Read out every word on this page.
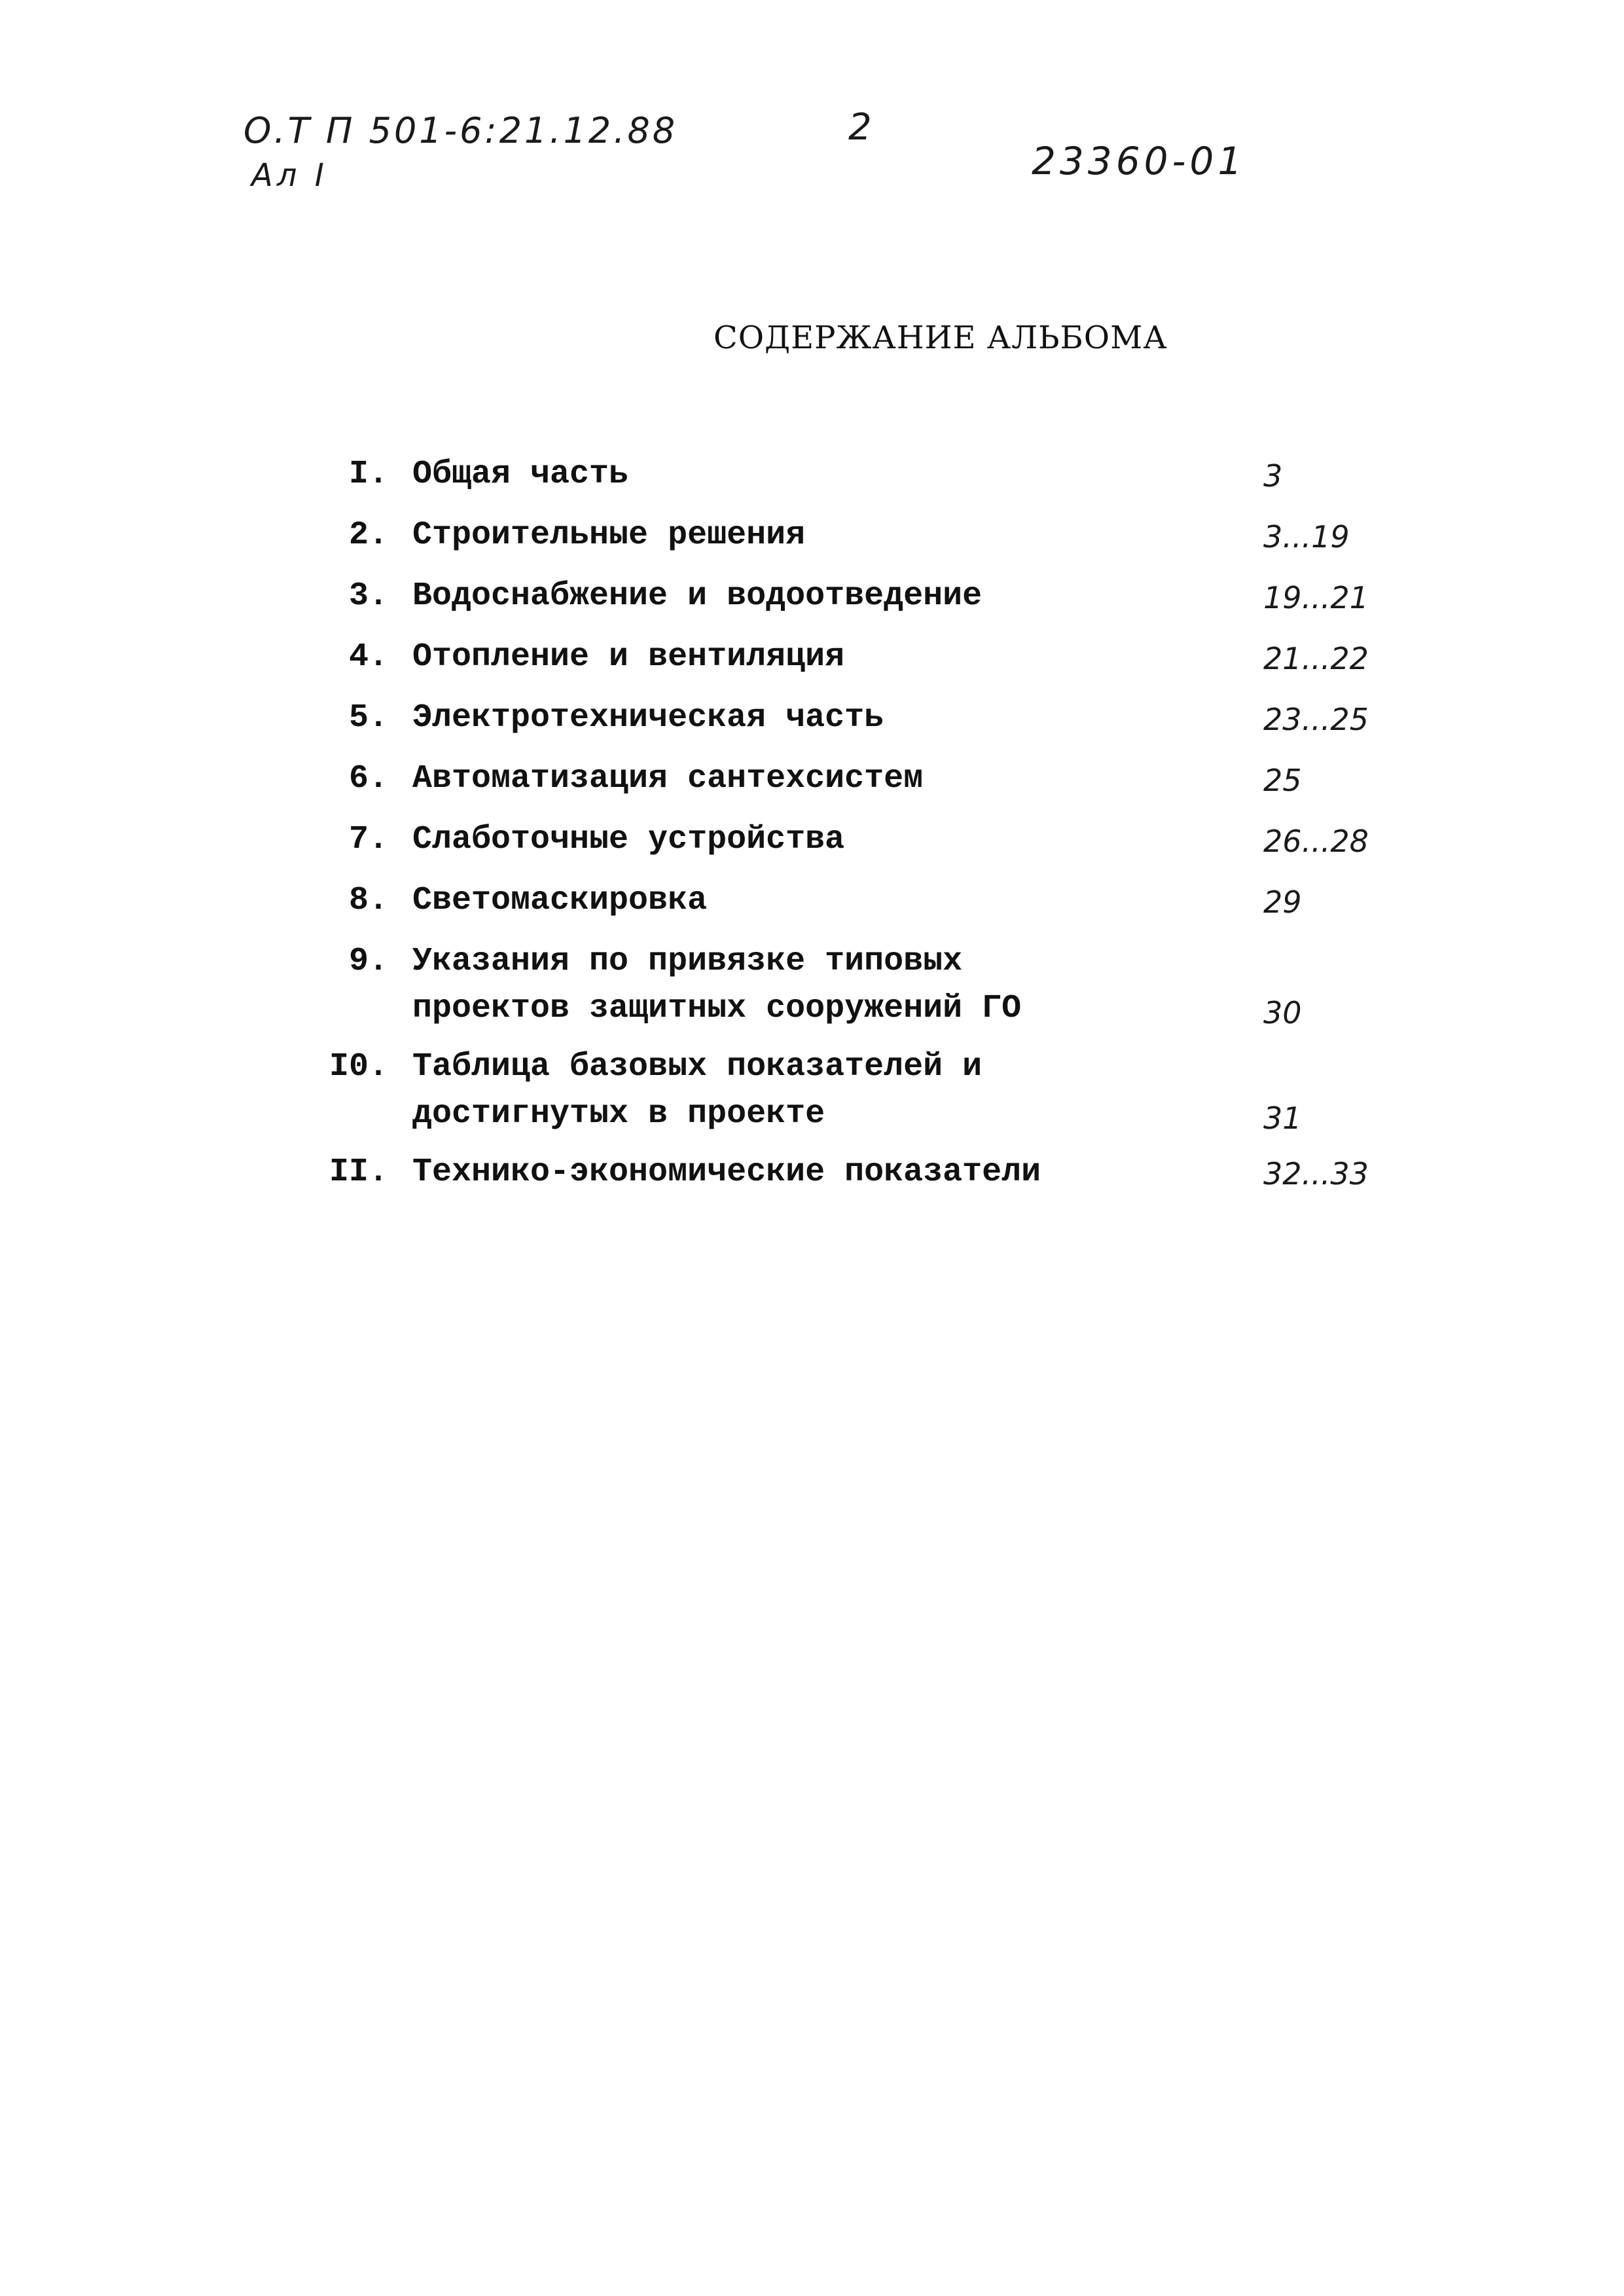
О.Т П 501-6:21.12.88
Ал I
2
23360-01
СОДЕРЖАНИЕ АЛЬБОМА
I. Общая часть	3
2. Строительные решения	3...19
3. Водоснабжение и водоотведение	19...21
4. Отопление и вентиляция	21...22
5. Электротехническая часть	23...25
6. Автоматизация сантехсистем	25
7. Слаботочные устройства	26...28
8. Светомаскировка	29
9. Указания по привязке типовых
проектов защитных сооружений ГО	30
I0. Таблица базовых показателей и
достигнутых в проекте	31
II. Технико-экономические показатели	32...33
